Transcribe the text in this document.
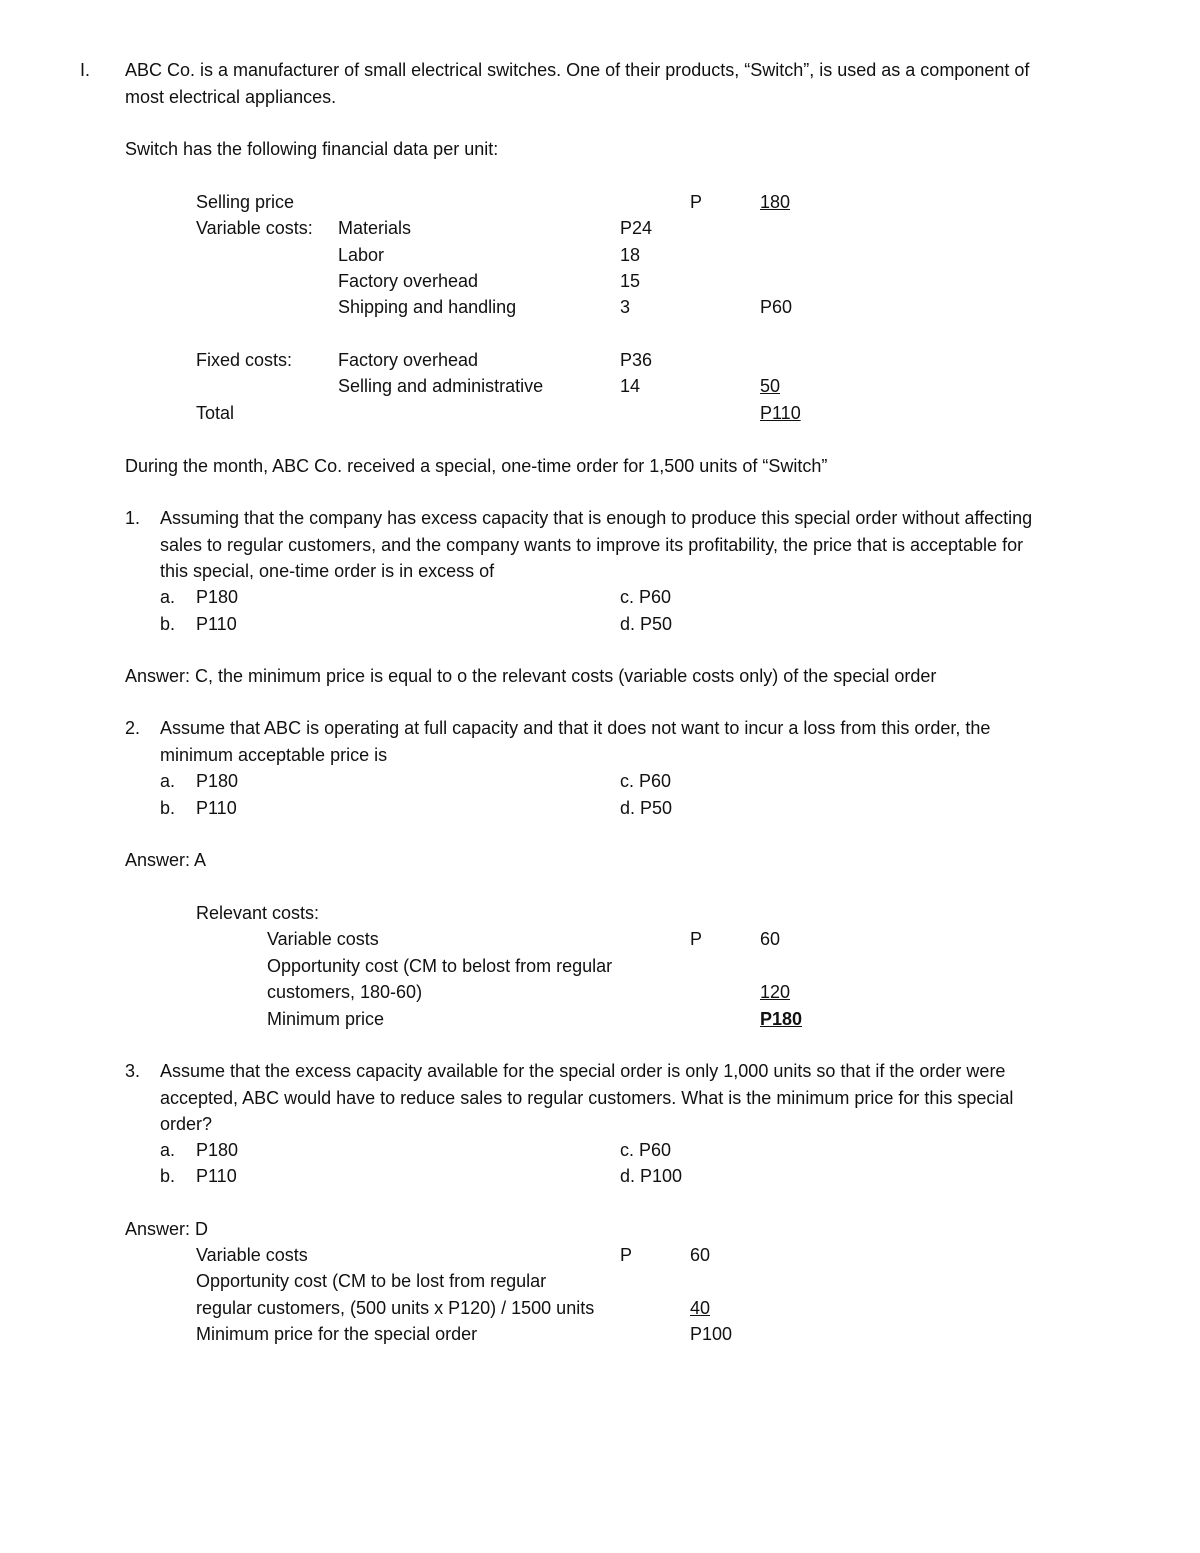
I. ABC Co. is a manufacturer of small electrical switches. One of their products, “Switch”, is used as a component of
most electrical appliances.
Switch has the following financial data per unit:
Selling price	P	180
Variable costs: Materials	P24
Labor	18
Factory overhead	15
Shipping and handling	3	P60
Fixed costs:	Factory overhead	P36
Selling and administrative	14	50
Total	P110
During the month, ABC Co. received a special, one-time order for 1,500 units of “Switch”
1. Assuming that the company has excess capacity that is enough to produce this special order without affecting
sales to regular customers, and the company wants to improve its profitability, the price that is acceptable for
this special, one-time order is in excess of
a. P180	c. P60
b. P110	d. P50
Answer: C, the minimum price is equal to o the relevant costs (variable costs only) of the special order
2. Assume that ABC is operating at full capacity and that it does not want to incur a loss from this order, the
minimum acceptable price is
a. P180	c. P60
b. P110	d. P50
Answer: A
Relevant costs:
Variable costs	P	60
Opportunity cost (CM to belost from regular
customers, 180-60)	120
Minimum price	P180
3. Assume that the excess capacity available for the special order is only 1,000 units so that if the order were
accepted, ABC would have to reduce sales to regular customers. What is the minimum price for this special
order?
a. P180	c. P60
b. P110	d. P100
Answer: D
Variable costs	P	60
Opportunity cost (CM to be lost from regular
regular customers, (500 units x P120) / 1500 units	40
Minimum price for the special order	P100
